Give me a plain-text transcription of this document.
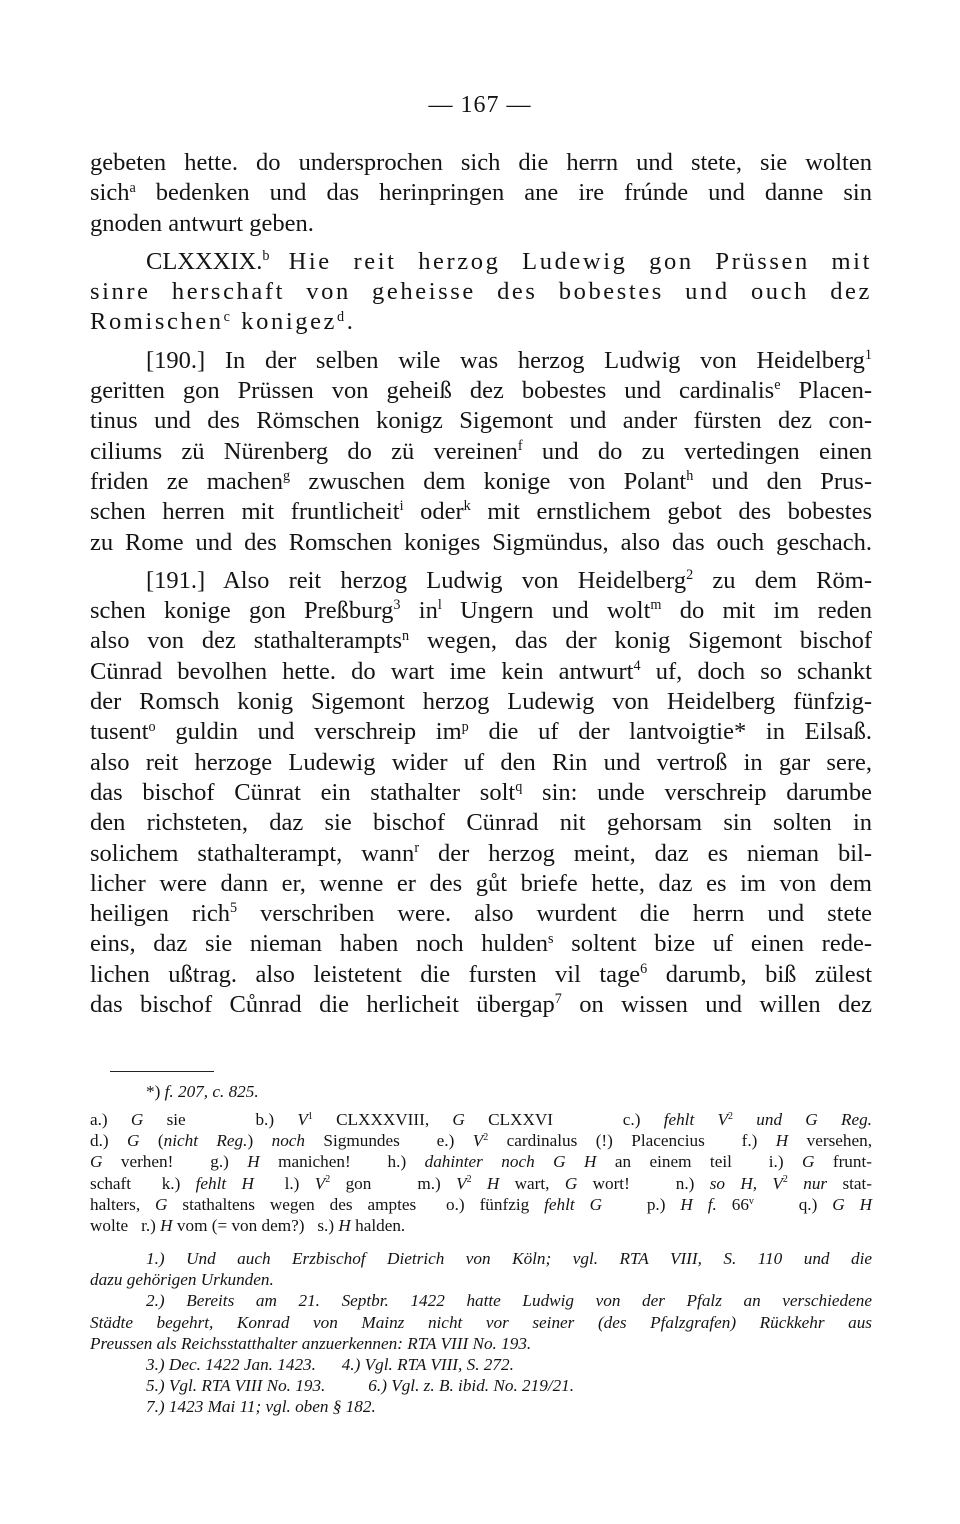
— 167 —
gebeten hette. do undersprochen sich die herrn und stete, sie wolten
sich$^a$ bedenken und das herinpringen ane ire frúnde und danne sin
gnoden antwurt geben.
CLXXXIX.$^b$ Hie reit herzog Ludewig gon Prüssen mit
sinre herschaft von geheisse des bobestes und ouch dez
Romischen$^c$ konigez$^d$.
[190.] In der selben wile was herzog Ludwig von Heidelberg$^1$
geritten gon Prüssen von geheiß dez bobestes und cardinalis$^e$ Placen-
tinus und des Römschen konigz Sigemont und ander fürsten dez con-
ciliums zü Nürenberg do zü vereinen$^f$ und do zu vertedingen einen
friden ze machen$^g$ zwuschen dem konige von Polant$^h$ und den Prus-
schen herren mit fruntlicheit$^i$ oder$^k$ mit ernstlichem gebot des bobestes
zu Rome und des Romschen koniges Sigmündus, also das ouch geschach.
[191.] Also reit herzog Ludwig von Heidelberg$^2$ zu dem Röm-
schen konige gon Preßburg$^3$ $in^l$ Ungern und wolt$^m$ do mit im reden
also von dez stathalterampts$^n$ wegen, das der konig Sigemont bischof
Cünrad bevolhen hette. do wart ime kein antwurt$^4$ uf, doch so schankt
der Romsch konig Sigemont herzog Ludewig von Heidelberg fünfzig-
tusent$^o$ guldin und verschreip $im^p$ die uf der lantvoigtie* in Eilsaß.
also reit herzoge Ludewig wider uf den Rin und vertroß in gar sere,
das bischof Cünrat ein stathalter solt$^q$ sin: unde verschreip darumbe
den richsteten, daz sie bischof Cünrad nit gehorsam sin solten in
solichem stathalterampt, wann$^r$ der herzog meint, daz es nieman bil-
licher were dann er, wenne er des gůt briefe hette, daz es im von dem
heiligen rich$^5$ verschriben were. also wurdent die herrn und stete
eins, daz sie nieman haben noch hulden$^s$ soltent bize uf einen rede-
lichen ußtrag. also leistetent die fursten vil tage$^6$ darumb, biß zülest
das bischof Cůnrad die herlicheit übergap$^7$ on wissen und willen dez
*) f. 207, c. 825.
a.) G sie   b.) $V^1$ CLXXXVIII, G CLXXVI   c.) fehlt $V^2$ und G Reg.
d.) G (nicht Reg.) noch Sigmundes  e.) $V^2$ cardinalus (!) Placencius  f.) H versehen,
G verhen!  g.) H manichen!  h.) dahinter noch G H an einem teil  i.) G frunt-
schaft  k.) fehlt H  l.) $V^2$ gon   m.) $V^2$ H wart, G wort!   n.) so H, $V^2$ nur stat-
halters, G stathaltens wegen des amptes  o.) fünfzig fehlt G   p.) H f. 66$^v$   q.) G H
wolte   r.) H vom (= von dem?)   s.) H halden.
1.) Und auch Erzbischof Dietrich von Köln; vgl. RTA VIII, S. 110 und die
dazu gehörigen Urkunden.
2.) Bereits am 21. Septbr. 1422 hatte Ludwig von der Pfalz an verschiedene
Städte begehrt, Konrad von Mainz nicht vor seiner (des Pfalzgrafen) Rückkehr aus
Preussen als Reichsstatthalter anzuerkennen: RTA VIII No. 193.
3.) Dec. 1422 Jan. 1423.      4.) Vgl. RTA VIII, S. 272.
5.) Vgl. RTA VIII No. 193.          6.) Vgl. z. B. ibid. No. 219/21.
7.) 1423 Mai 11; vgl. oben § 182.
